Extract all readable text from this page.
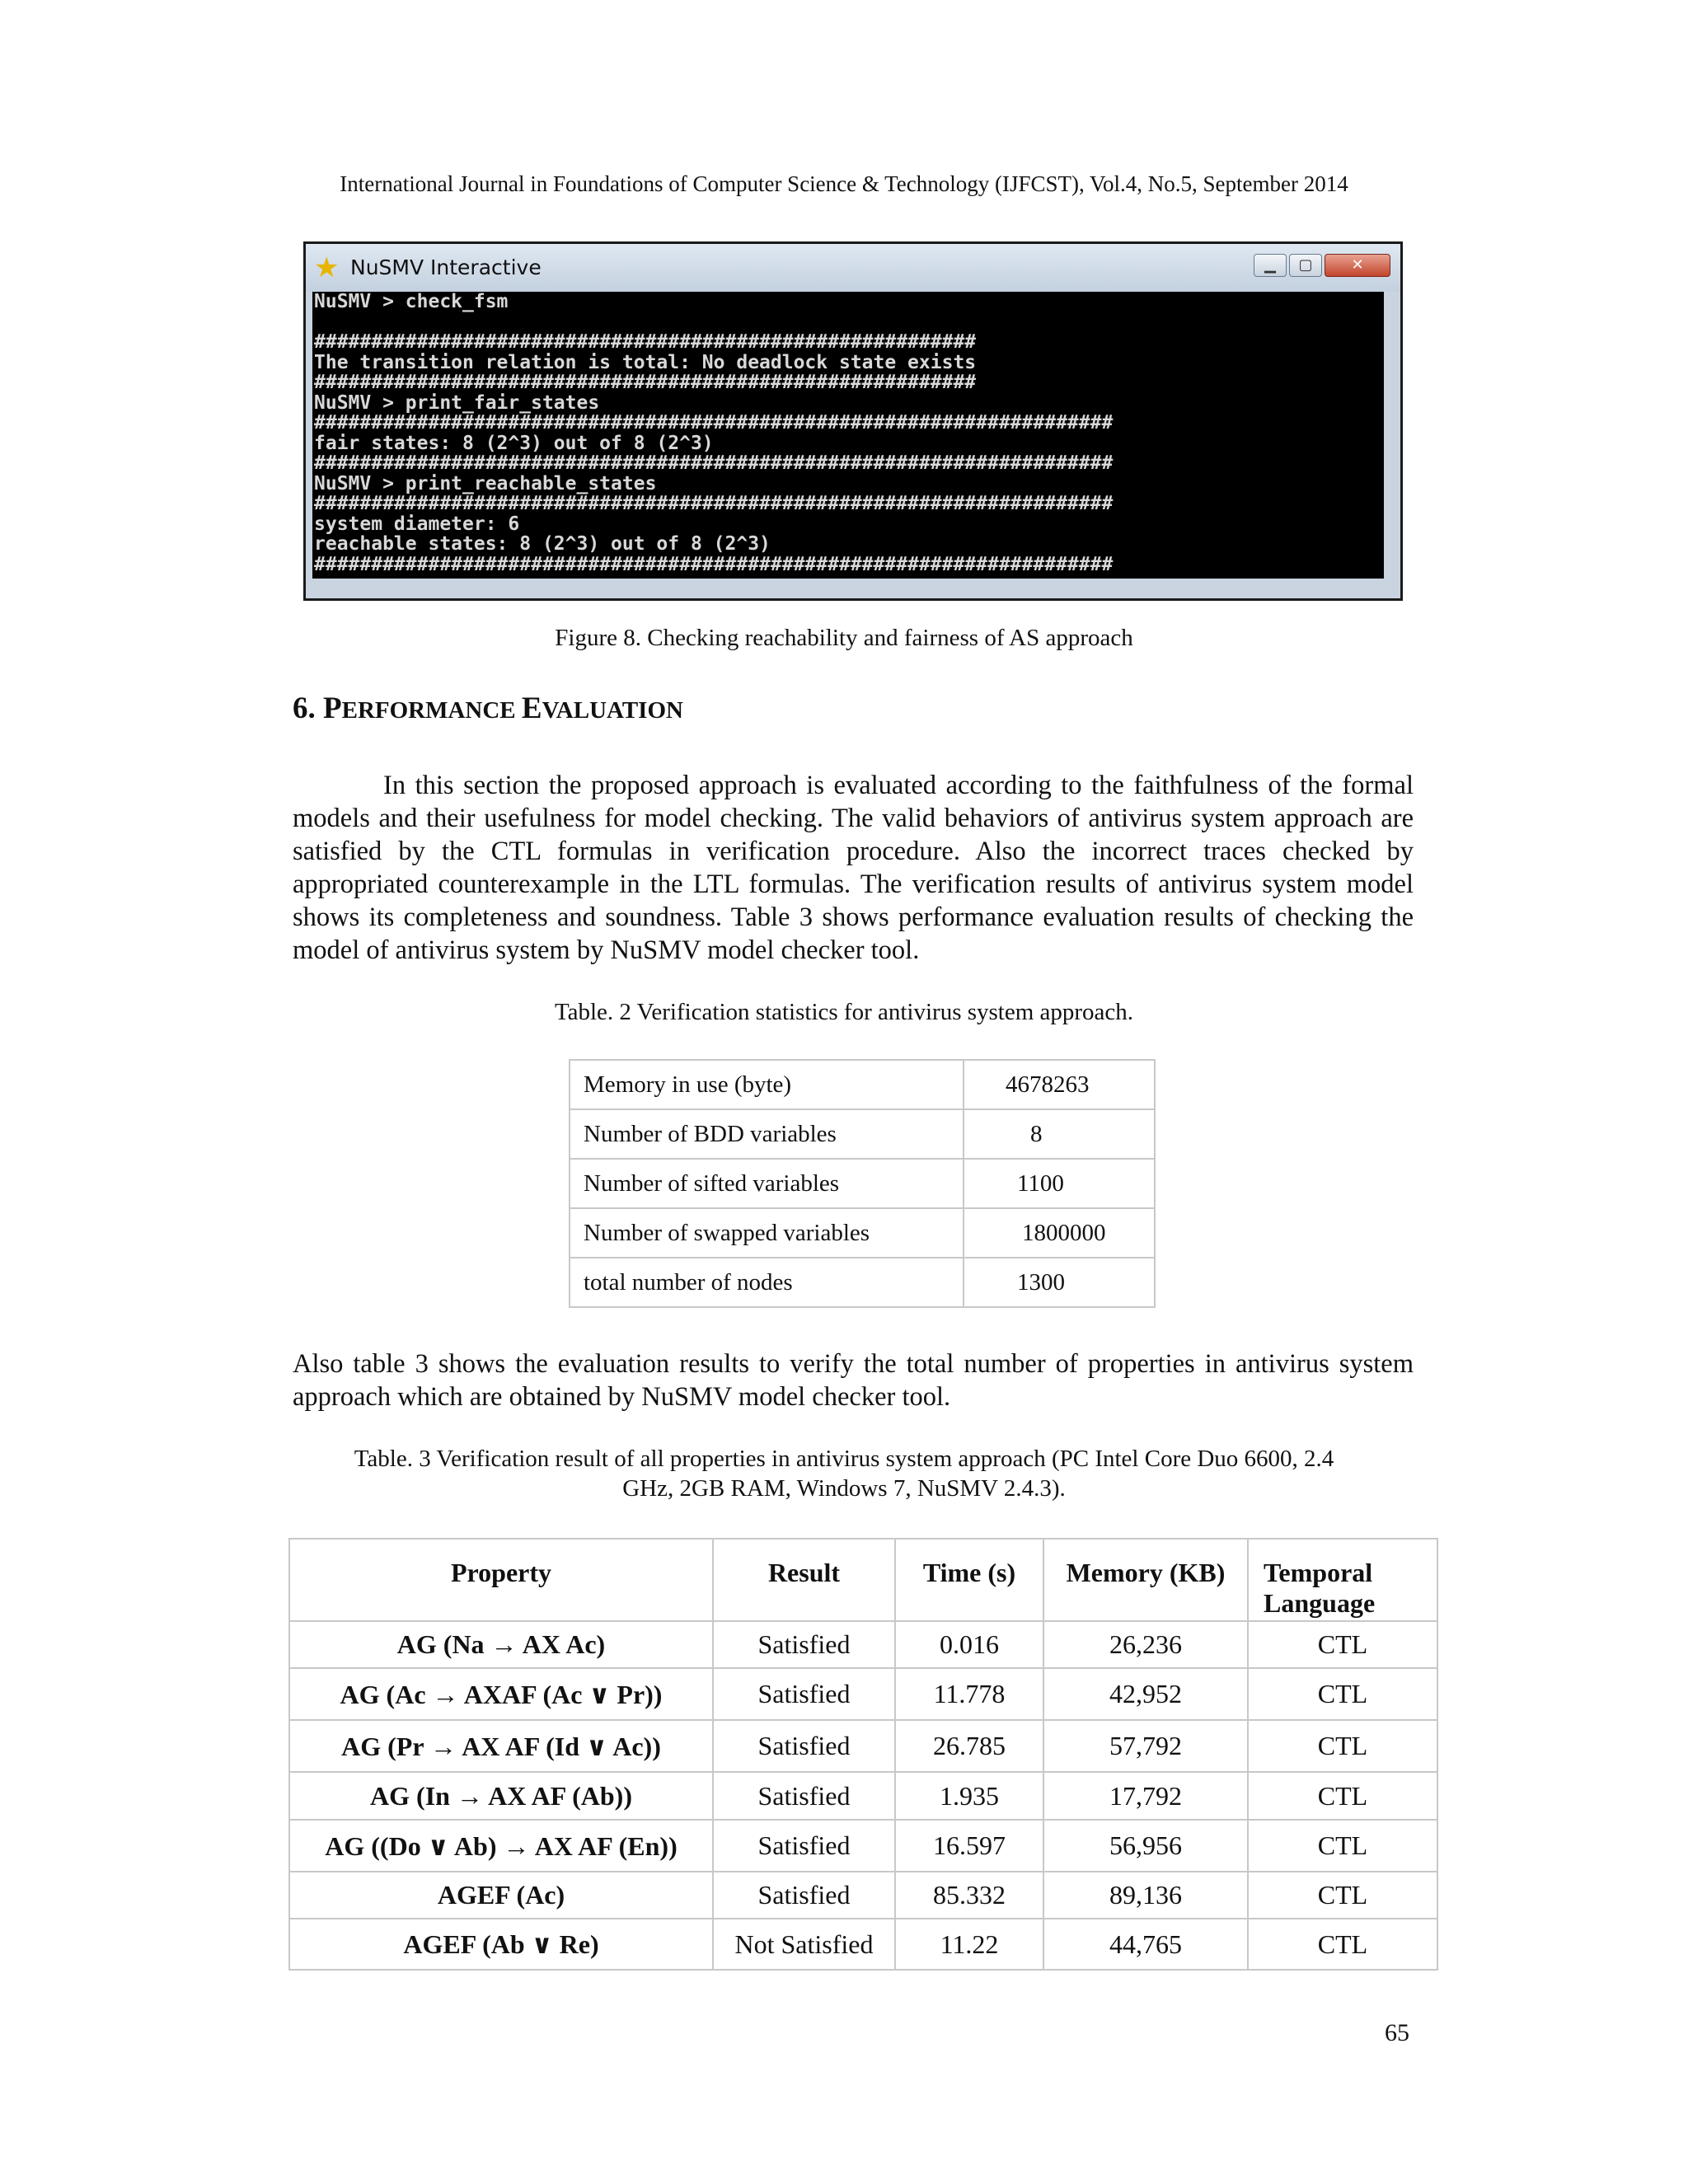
International Journal in Foundations of Computer Science & Technology (IJFCST), Vol.4, No.5, September 2014
★ NuSMV Interactive	▁	▢	✕
NuSMV > check_fsm
##########################################################
The transition relation is total: No deadlock state exists
##########################################################
NuSMV > print_fair_states
######################################################################
fair states: 8 (2^3) out of 8 (2^3)
######################################################################
NuSMV > print_reachable_states
######################################################################
system diameter: 6
reachable states: 8 (2^3) out of 8 (2^3)
######################################################################
Figure 8. Checking reachability and fairness of AS approach
6. PERFORMANCE EVALUATION

In this section the proposed approach is evaluated according to the faithfulness of the formal models and their usefulness for model checking. The valid behaviors of antivirus system approach are satisfied by the CTL formulas in verification procedure. Also the incorrect traces checked by appropriated counterexample in the LTL formulas. The verification results of antivirus system model shows its completeness and soundness. Table 3 shows performance evaluation results of checking the model of antivirus system by NuSMV model checker tool.

Table. 2 Verification statistics for antivirus system approach.
Memory in use (byte)	4678263
Number of BDD variables	8
Number of sifted variables	1100
Number of swapped variables	1800000
total number of nodes	1300

Also table 3 shows the evaluation results to verify the total number of properties in antivirus system approach which are obtained by NuSMV model checker tool.

Table. 3 Verification result of all properties in antivirus system approach (PC Intel Core Duo 6600, 2.4
GHz, 2GB RAM, Windows 7, NuSMV 2.4.3).
Property	Result	Time (s)	Memory (KB)	Temporal Language
AG (Na → AX Ac)	Satisfied	0.016	26,236	CTL
AG (Ac → AXAF (Ac ∨ Pr))	Satisfied	11.778	42,952	CTL
AG (Pr → AX AF (Id ∨ Ac))	Satisfied	26.785	57,792	CTL
AG (In → AX AF (Ab))	Satisfied	1.935	17,792	CTL
AG ((Do ∨ Ab) → AX AF (En))	Satisfied	16.597	56,956	CTL
AGEF (Ac)	Satisfied	85.332	89,136	CTL
AGEF (Ab ∨ Re)	Not Satisfied	11.22	44,765	CTL
65
